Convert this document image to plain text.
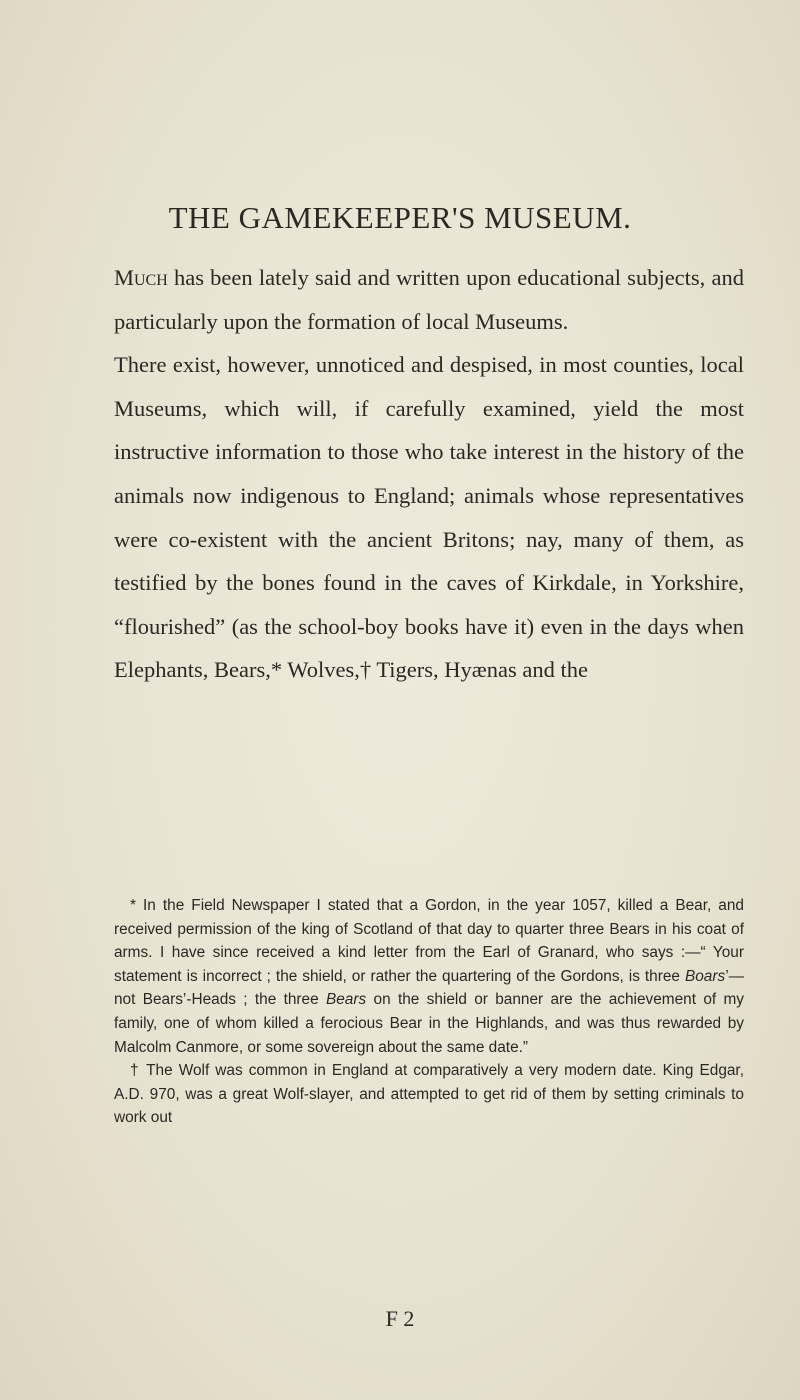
THE GAMEKEEPER'S MUSEUM.

Much has been lately said and written upon educational subjects, and particularly upon the formation of local Museums.

There exist, however, unnoticed and despised, in most counties, local Museums, which will, if carefully examined, yield the most instructive information to those who take interest in the history of the animals now indigenous to England; animals whose representatives were co-existent with the ancient Britons; nay, many of them, as testified by the bones found in the caves of Kirkdale, in Yorkshire, “flourished” (as the school-boy books have it) even in the days when Elephants, Bears,* Wolves,† Tigers, Hyænas and the

* In the Field Newspaper I stated that a Gordon, in the year 1057, killed a Bear, and received permission of the king of Scotland of that day to quarter three Bears in his coat of arms. I have since received a kind letter from the Earl of Granard, who says :—“ Your statement is incorrect ; the shield, or rather the quartering of the Gordons, is three Boars’—not Bears’-Heads ; the three Bears on the shield or banner are the achievement of my family, one of whom killed a ferocious Bear in the Highlands, and was thus rewarded by Malcolm Canmore, or some sovereign about the same date.”

† The Wolf was common in England at comparatively a very modern date. King Edgar, A.D. 970, was a great Wolf-slayer, and attempted to get rid of them by setting criminals to work out

F 2
